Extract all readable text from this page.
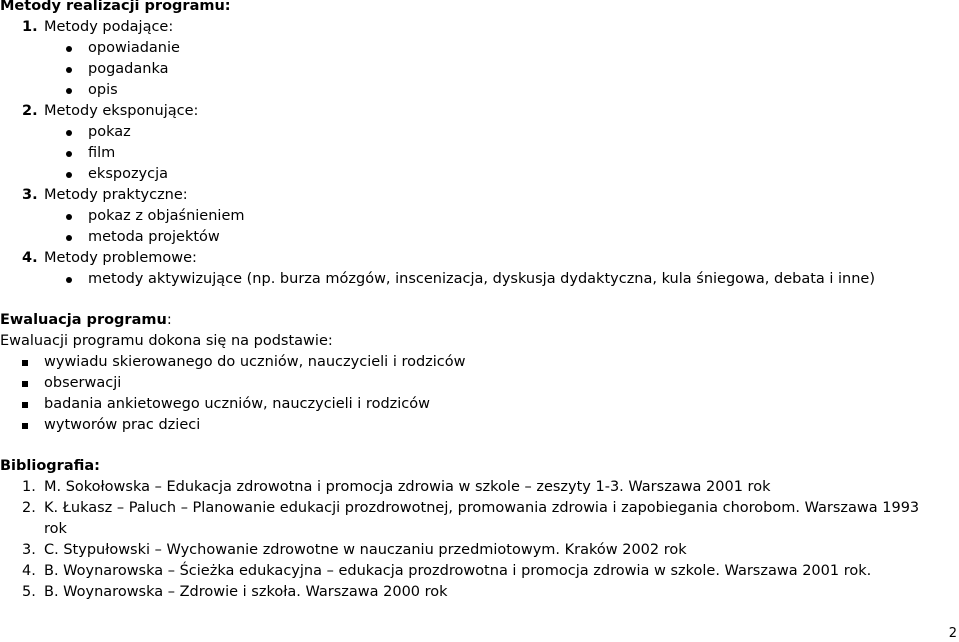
Metody realizacji programu:
1. Metody podające:
opowiadanie
pogadanka
opis
2. Metody eksponujące:
pokaz
film
ekspozycja
3. Metody praktyczne:
pokaz z objaśnieniem
metoda projektów
4. Metody problemowe:
metody aktywizujące (np. burza mózgów, inscenizacja, dyskusja dydaktyczna, kula śniegowa, debata i inne)
Ewaluacja programu:
Ewaluacji programu dokona się na podstawie:
wywiadu skierowanego do uczniów, nauczycieli i rodziców
obserwacji
badania ankietowego uczniów, nauczycieli i rodziców
wytworów prac dzieci
Bibliografia:
1. M. Sokołowska – Edukacja zdrowotna i promocja zdrowia w szkole – zeszyty 1-3. Warszawa 2001 rok
2. K. Łukasz – Paluch – Planowanie edukacji prozdrowotnej, promowania zdrowia i zapobiegania chorobom. Warszawa 1993
rok
3. C. Stypułowski – Wychowanie zdrowotne w nauczaniu przedmiotowym. Kraków 2002 rok
4. B. Woynarowska – Ścieżka edukacyjna – edukacja prozdrowotna i promocja zdrowia w szkole. Warszawa 2001 rok.
5. B. Woynarowska – Zdrowie i szkoła. Warszawa 2000 rok
2
